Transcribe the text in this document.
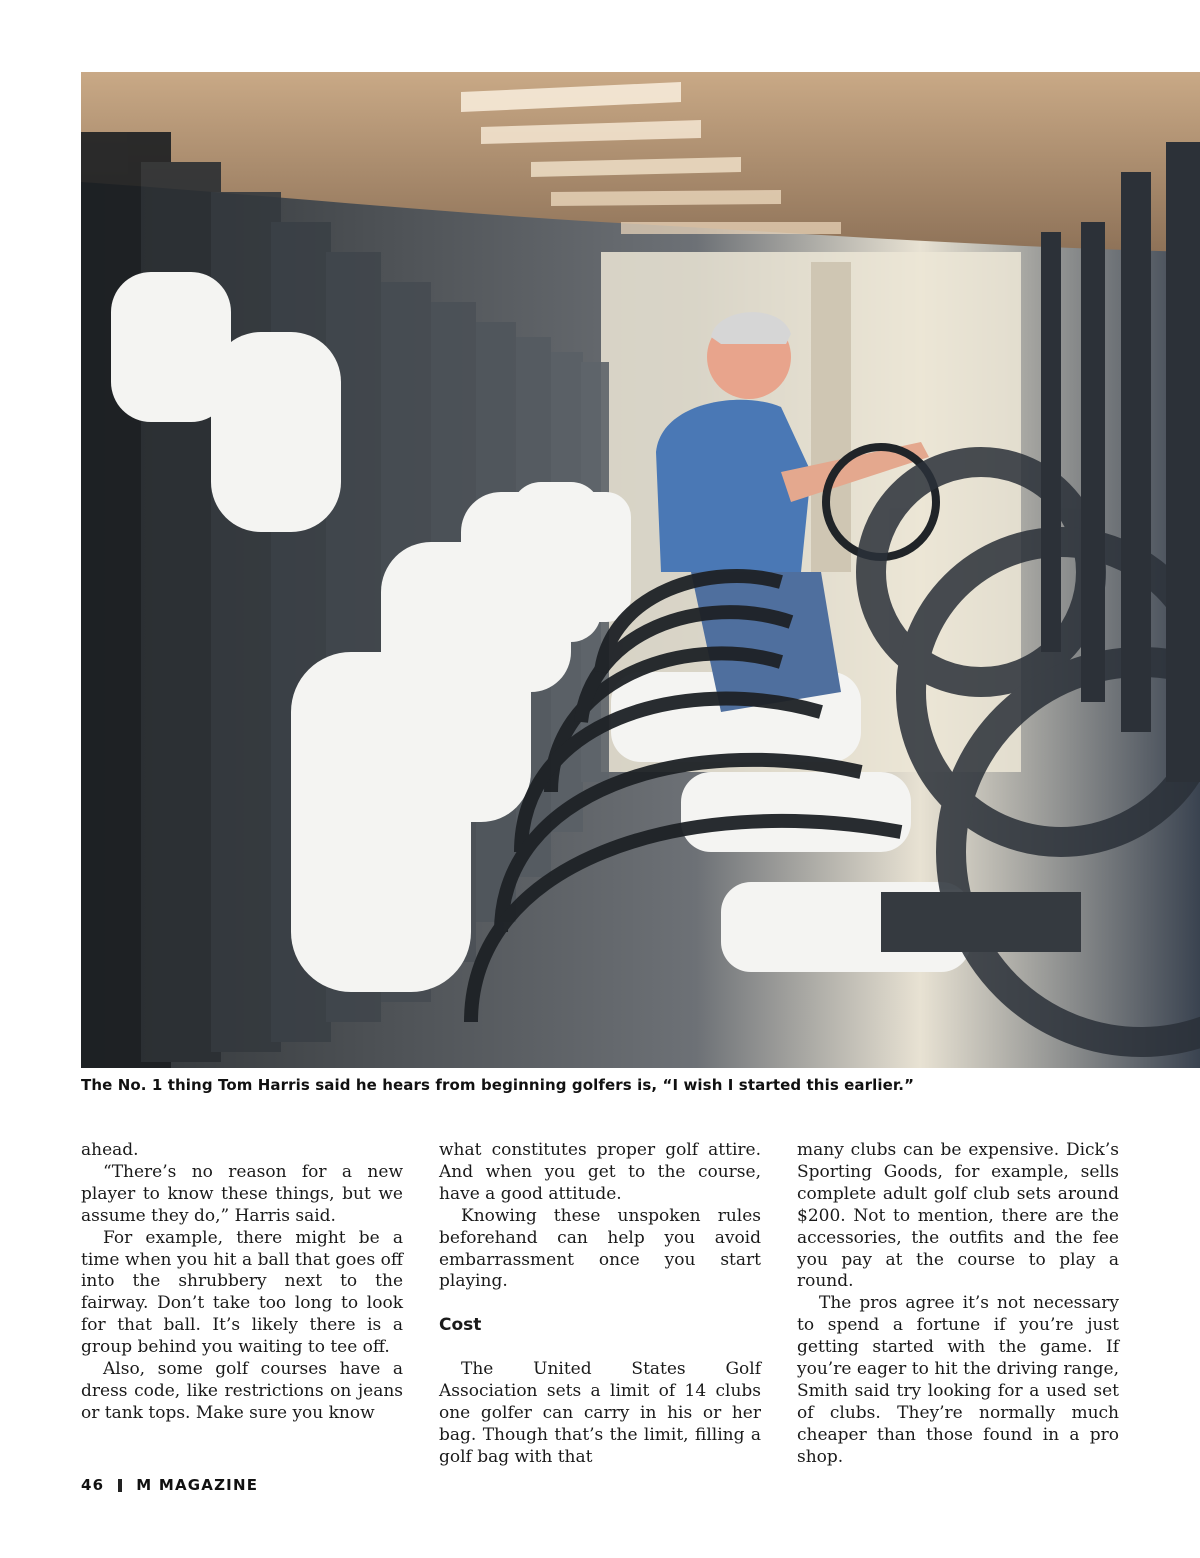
The No. 1 thing Tom Harris said he hears from beginning golfers is, “I wish I started this earlier.”

ahead.

“There’s no reason for a new player to know these things, but we assume they do,” Harris said.

For example, there might be a time when you hit a ball that goes off into the shrubbery next to the fairway. Don’t take too long to look for that ball. It’s likely there is a group behind you waiting to tee off.

Also, some golf courses have a dress code, like restrictions on jeans or tank tops. Make sure you know

what constitutes proper golf attire. And when you get to the course, have a good attitude.

Knowing these unspoken rules beforehand can help you avoid embarrassment once you start playing.

Cost

The United States Golf Association sets a limit of 14 clubs one golfer can carry in his or her bag. Though that’s the limit, filling a golf bag with that

many clubs can be expensive. Dick’s Sporting Goods, for example, sells complete adult golf club sets around $200. Not to mention, there are the accessories, the outfits and the fee you pay at the course to play a round.

The pros agree it’s not necessary to spend a fortune if you’re just getting started with the game. If you’re eager to hit the driving range, Smith said try looking for a used set of clubs. They’re normally much cheaper than those found in a pro shop.

46 M MAGAZINE
